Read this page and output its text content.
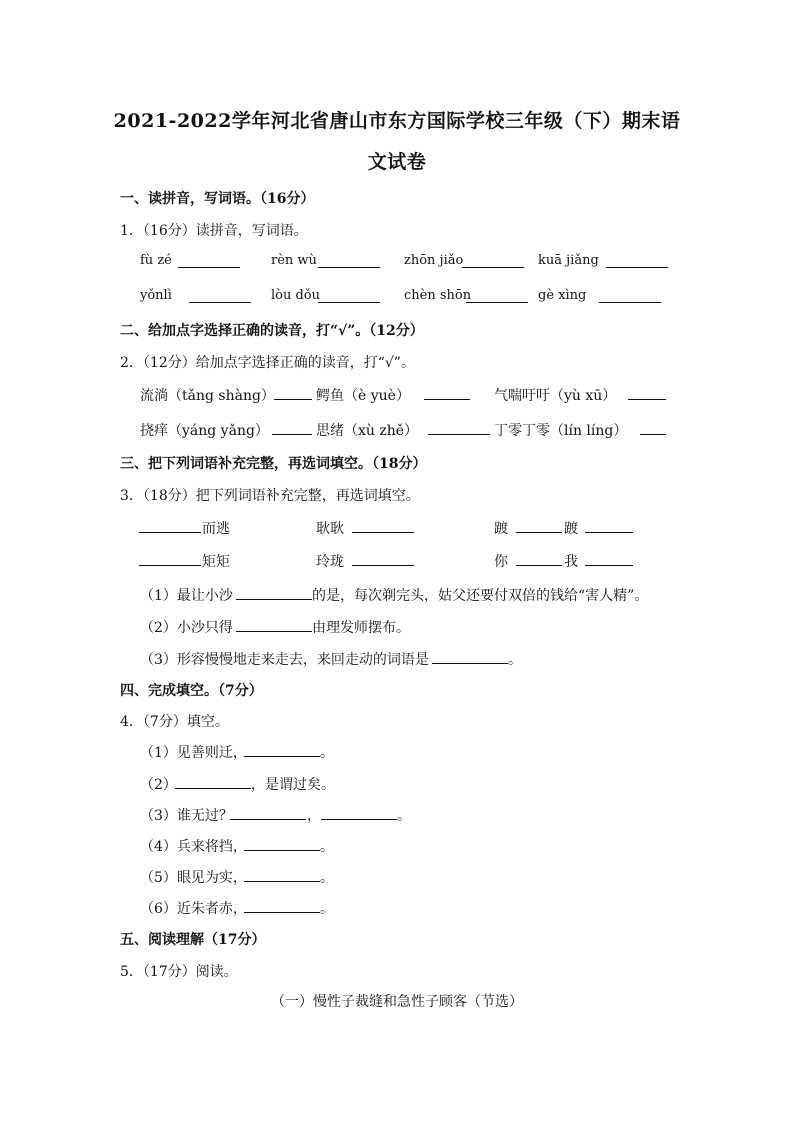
2021-2022学年河北省唐山市东方国际学校三年级（下）期末语
文试卷
一、读拼音，写词语。（16分）
1．（16分）读拼音，写词语。
fù zé	rèn wù	zhōn jiǎo	kuā jiǎng
yǒnlì	lòu dǒu	chèn shōn	gè xìng
二、给加点字选择正确的读音，打“√”。（12分）
2．（12分）给加点字选择正确的读音，打“√”。
流淌（tǎng shàng）	鳄鱼（è yuè）	气喘吁吁（yù xū）
挠痒（yáng yǎng）	思绪（xù zhě）	丁零丁零（lín líng）
三、把下列词语补充完整，再选词填空。（18分）
3．（18分）把下列词语补充完整，再选词填空。
而逃	耿耿	踱	踱
矩矩	玲珑	你	我
（1）最让小沙	的是，每次剃完头，姑父还要付双倍的钱给“害人精”。
（2）小沙只得	由理发师摆布。
（3）形容慢慢地走来走去，来回走动的词语是	。
四、完成填空。（7分）
4．（7分）填空。
（1）见善则迁，	。
（2）	，是谓过矣。
（3）谁无过？	，	。
（4）兵来将挡，	。
（5）眼见为实，	。
（6）近朱者赤，	。
五、阅读理解（17分）
5．（17分）阅读。
（一）慢性子裁缝和急性子顾客（节选）
